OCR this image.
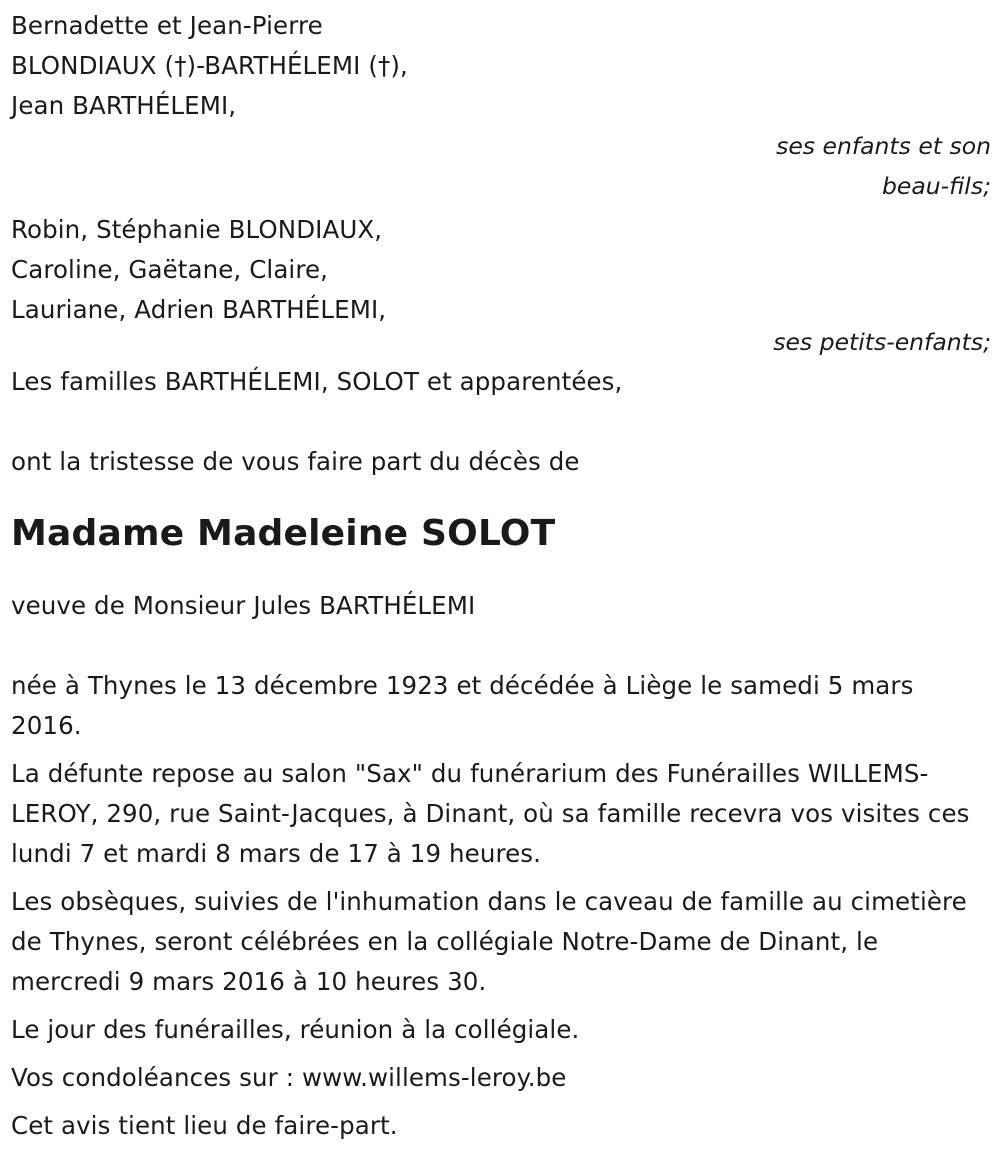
Bernadette et Jean-Pierre
BLONDIAUX (†)-BARTHÉLEMI (†),
Jean BARTHÉLEMI,
ses enfants et son
beau-fils;
Robin, Stéphanie BLONDIAUX,
Caroline, Gaëtane, Claire,
Lauriane, Adrien BARTHÉLEMI,
ses petits-enfants;
Les familles BARTHÉLEMI, SOLOT et apparentées,
ont la tristesse de vous faire part du décès de
Madame Madeleine SOLOT
veuve de Monsieur Jules BARTHÉLEMI
née à Thynes le 13 décembre 1923 et décédée à Liège le samedi 5 mars 2016.
La défunte repose au salon "Sax" du funérarium des Funérailles WILLEMS-LEROY, 290, rue Saint-Jacques, à Dinant, où sa famille recevra vos visites ces lundi 7 et mardi 8 mars de 17 à 19 heures.
Les obsèques, suivies de l'inhumation dans le caveau de famille au cimetière de Thynes, seront célébrées en la collégiale Notre-Dame de Dinant, le mercredi 9 mars 2016 à 10 heures 30.
Le jour des funérailles, réunion à la collégiale.
Vos condoléances sur : www.willems-leroy.be
Cet avis tient lieu de faire-part.
